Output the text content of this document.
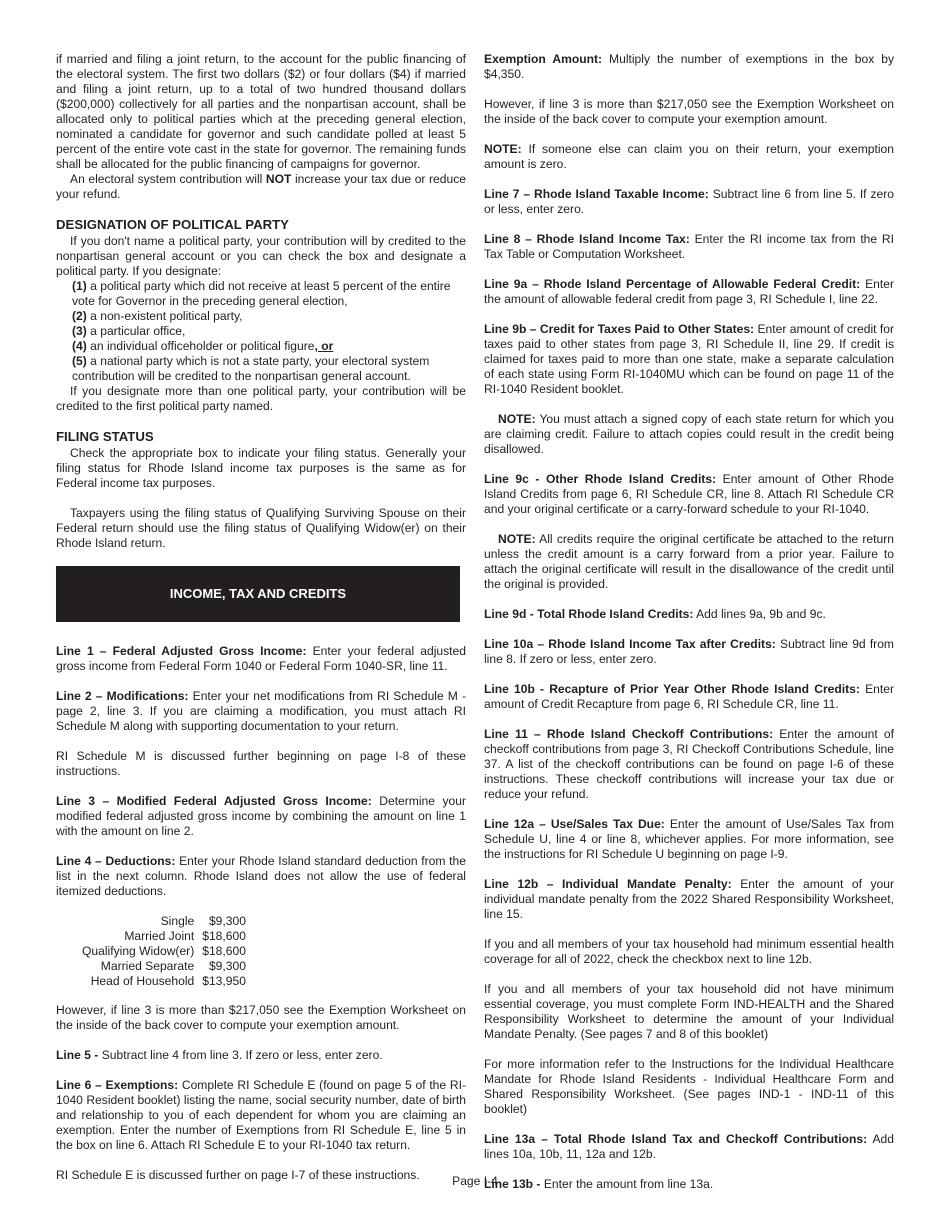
if married and filing a joint return, to the account for the public financing of the electoral system. The first two dollars ($2) or four dollars ($4) if married and filing a joint return, up to a total of two hundred thousand dollars ($200,000) collectively for all parties and the nonpartisan account, shall be allocated only to political parties which at the preceding general election, nominated a candidate for governor and such candidate polled at least 5 percent of the entire vote cast in the state for governor. The remaining funds shall be allocated for the public financing of campaigns for governor.

An electoral system contribution will NOT increase your tax due or reduce your refund.

DESIGNATION OF POLITICAL PARTY

If you don't name a political party, your contribution will by credited to the nonpartisan general account or you can check the box and designate a political party. If you designate:

(1) a political party which did not receive at least 5 percent of the entire vote for Governor in the preceding general election,
(2) a non-existent political party,
(3) a particular office,
(4) an individual officeholder or political figure, or
(5) a national party which is not a state party, your electoral system contribution will be credited to the nonpartisan general account.

If you designate more than one political party, your contribution will be credited to the first political party named.

FILING STATUS

Check the appropriate box to indicate your filing status. Generally your filing status for Rhode Island income tax purposes is the same as for Federal income tax purposes.

Taxpayers using the filing status of Qualifying Surviving Spouse on their Federal return should use the filing status of Qualifying Widow(er) on their Rhode Island return.

INCOME, TAX AND CREDITS

Line 1 – Federal Adjusted Gross Income: Enter your federal adjusted gross income from Federal Form 1040 or Federal Form 1040-SR, line 11.

Line 2 – Modifications: Enter your net modifications from RI Schedule M - page 2, line 3. If you are claiming a modification, you must attach RI Schedule M along with supporting documentation to your return.

RI Schedule M is discussed further beginning on page I-8 of these instructions.

Line 3 – Modified Federal Adjusted Gross Income: Determine your modified federal adjusted gross income by combining the amount on line 1 with the amount on line 2.

Line 4 – Deductions: Enter your Rhode Island standard deduction from the list in the next column. Rhode Island does not allow the use of federal itemized deductions.

Single	$9,300
Married Joint	$18,600
Qualifying Widow(er)	$18,600
Married Separate	$9,300
Head of Household	$13,950

However, if line 3 is more than $217,050 see the Exemption Worksheet on the inside of the back cover to compute your exemption amount.

Line 5 - Subtract line 4 from line 3. If zero or less, enter zero.

Line 6 – Exemptions: Complete RI Schedule E (found on page 5 of the RI-1040 Resident booklet) listing the name, social security number, date of birth and relationship to you of each dependent for whom you are claiming an exemption. Enter the number of Exemptions from RI Schedule E, line 5 in the box on line 6. Attach RI Schedule E to your RI-1040 tax return.

RI Schedule E is discussed further on page I-7 of these instructions.

Exemption Amount: Multiply the number of exemptions in the box by $4,350.

However, if line 3 is more than $217,050 see the Exemption Worksheet on the inside of the back cover to compute your exemption amount.

NOTE: If someone else can claim you on their return, your exemption amount is zero.

Line 7 – Rhode Island Taxable Income: Subtract line 6 from line 5. If zero or less, enter zero.

Line 8 – Rhode Island Income Tax: Enter the RI income tax from the RI Tax Table or Computation Worksheet.

Line 9a – Rhode Island Percentage of Allowable Federal Credit: Enter the amount of allowable federal credit from page 3, RI Schedule I, line 22.

Line 9b – Credit for Taxes Paid to Other States: Enter amount of credit for taxes paid to other states from page 3, RI Schedule II, line 29. If credit is claimed for taxes paid to more than one state, make a separate calculation of each state using Form RI-1040MU which can be found on page 11 of the RI-1040 Resident booklet.

NOTE: You must attach a signed copy of each state return for which you are claiming credit. Failure to attach copies could result in the credit being disallowed.

Line 9c - Other Rhode Island Credits: Enter amount of Other Rhode Island Credits from page 6, RI Schedule CR, line 8. Attach RI Schedule CR and your original certificate or a carry-forward schedule to your RI-1040.

NOTE: All credits require the original certificate be attached to the return unless the credit amount is a carry forward from a prior year. Failure to attach the original certificate will result in the disallowance of the credit until the original is provided.

Line 9d - Total Rhode Island Credits: Add lines 9a, 9b and 9c.

Line 10a – Rhode Island Income Tax after Credits: Subtract line 9d from line 8. If zero or less, enter zero.

Line 10b - Recapture of Prior Year Other Rhode Island Credits: Enter amount of Credit Recapture from page 6, RI Schedule CR, line 11.

Line 11 – Rhode Island Checkoff Contributions: Enter the amount of checkoff contributions from page 3, RI Checkoff Contributions Schedule, line 37. A list of the checkoff contributions can be found on page I-6 of these instructions. These checkoff contributions will increase your tax due or reduce your refund.

Line 12a – Use/Sales Tax Due: Enter the amount of Use/Sales Tax from Schedule U, line 4 or line 8, whichever applies. For more information, see the instructions for RI Schedule U beginning on page I-9.

Line 12b – Individual Mandate Penalty: Enter the amount of your individual mandate penalty from the 2022 Shared Responsibility Worksheet, line 15.

If you and all members of your tax household had minimum essential health coverage for all of 2022, check the checkbox next to line 12b.

If you and all members of your tax household did not have minimum essential coverage, you must complete Form IND-HEALTH and the Shared Responsibility Worksheet to determine the amount of your Individual Mandate Penalty. (See pages 7 and 8 of this booklet)

For more information refer to the Instructions for the Individual Healthcare Mandate for Rhode Island Residents - Individual Healthcare Form and Shared Responsibility Worksheet. (See pages IND-1 - IND-11 of this booklet)

Line 13a – Total Rhode Island Tax and Checkoff Contributions: Add lines 10a, 10b, 11, 12a and 12b.

Line 13b - Enter the amount from line 13a.

Page I-4
